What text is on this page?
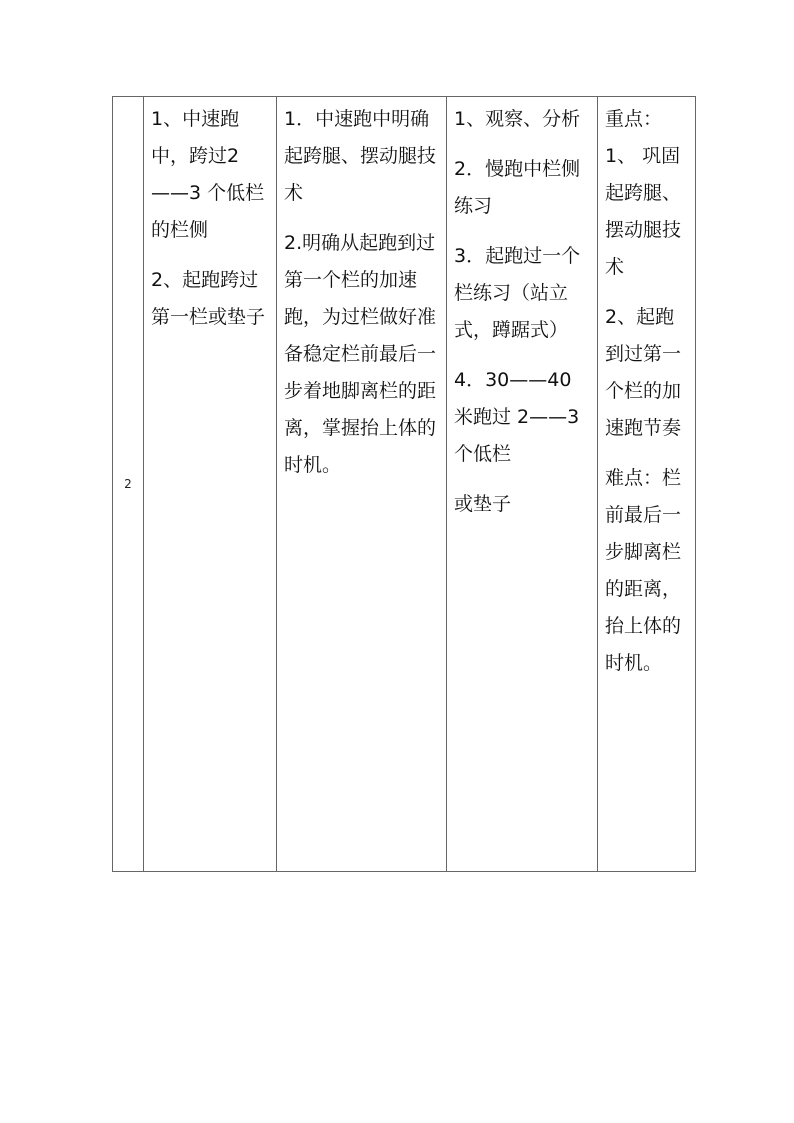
2	
1、中速跑中，跨过2——3 个低栏的栏侧
2、起跑跨过第一栏或垫子

1．中速跑中明确起跨腿、摆动腿技术
2.明确从起跑到过第一个栏的加速跑，为过栏做好准备稳定栏前最后一步着地脚离栏的距离，掌握抬上体的时机。

1、观察、分析
2．慢跑中栏侧练习
3．起跑过一个栏练习（站立式，蹲踞式）
4．30——40 米跑过 2——3 个低栏
或垫子

重点：
1、 巩固起跨腿、摆动腿技术
2、起跑到过第一个栏的加速跑节奏
难点：栏前最后一步脚离栏的距离，抬上体的时机。
